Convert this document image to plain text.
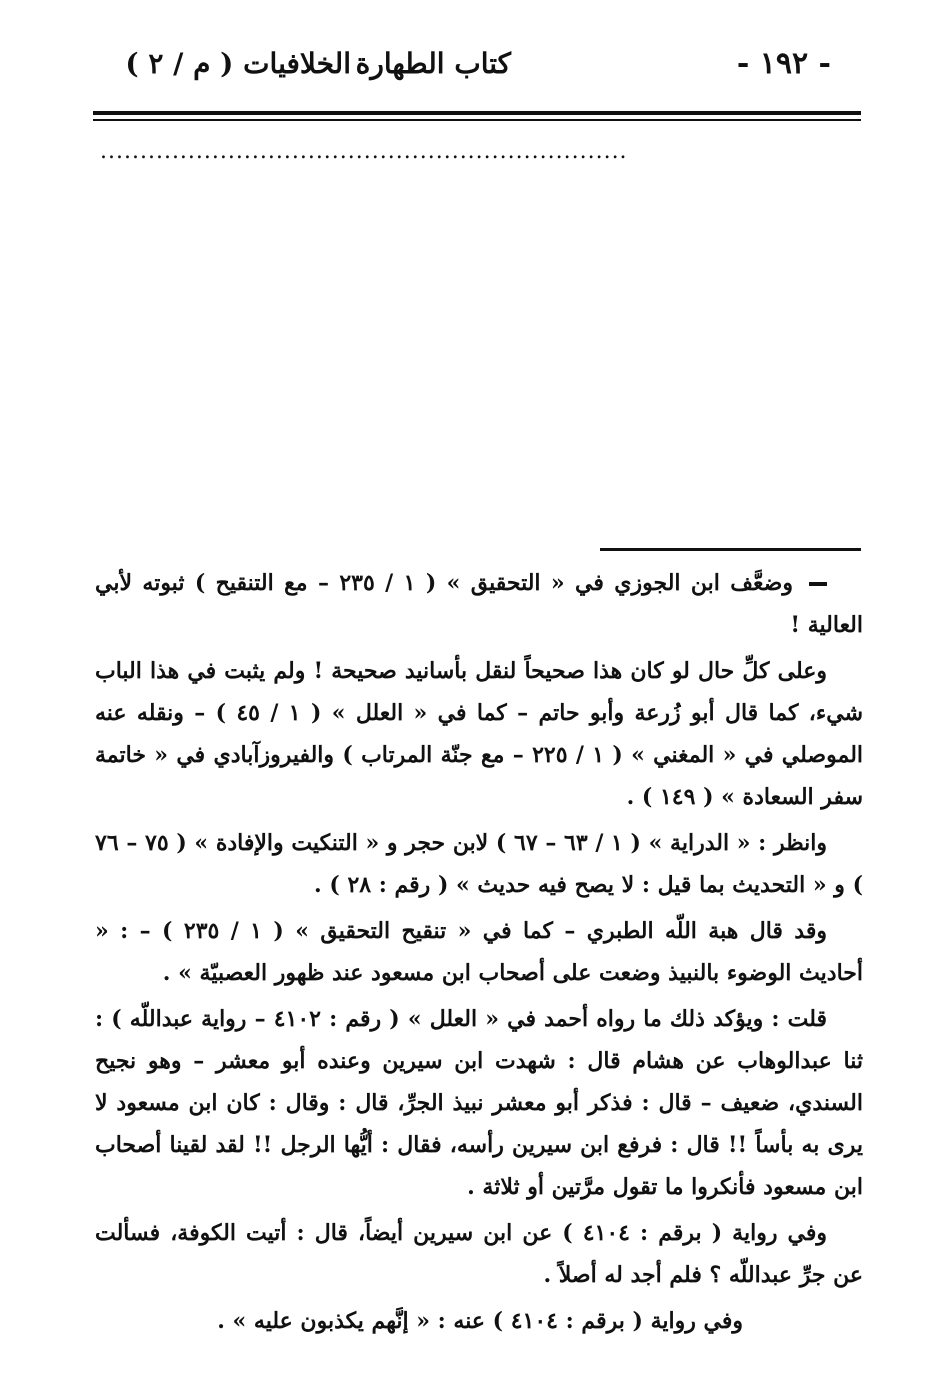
- ١٩٢ -
كتاب الطهارة
الخلافيات ( م / ٢ )
..................................................................

وضعَّف ابن الجوزي في « التحقيق » ( ١ / ٢٣٥ – مع التنقيح ) ثبوته لأبي العالية !

وعلى كلِّ حال لو كان هذا صحيحاً لنقل بأسانيد صحيحة ! ولم يثبت في هذا الباب شيء، كما قال أبو زُرعة وأبو حاتم – كما في « العلل » ( ١ / ٤٥ ) – ونقله عنه الموصلي في « المغني » ( ١ / ٢٢٥ – مع جنّة المرتاب ) والفيروزآبادي في « خاتمة سفر السعادة » ( ١٤٩ ) .

وانظر : « الدراية » ( ١ / ٦٣ – ٦٧ ) لابن حجر و « التنكيت والإفادة » ( ٧٥ – ٧٦ ) و « التحديث بما قيل : لا يصح فيه حديث » ( رقم : ٢٨ ) .

وقد قال هبة اللّه الطبري – كما في « تنقيح التحقيق » ( ١ / ٢٣٥ ) – : « أحاديث الوضوء بالنبيذ وضعت على أصحاب ابن مسعود عند ظهور العصبيّة » .

قلت : ويؤكد ذلك ما رواه أحمد في « العلل » ( رقم : ٤١٠٢ – رواية عبداللّه ) : ثنا عبدالوهاب عن هشام قال : شهدت ابن سيرين وعنده أبو معشر – وهو نجيح السندي، ضعيف – قال : فذكر أبو معشر نبيذ الجرِّ، قال : وقال : كان ابن مسعود لا يرى به بأساً !! قال : فرفع ابن سيرين رأسه، فقال : أيُّها الرجل !! لقد لقينا أصحاب ابن مسعود فأنكروا ما تقول مرَّتين أو ثلاثة .

وفي رواية ( برقم : ٤١٠٤ ) عن ابن سيرين أيضاً، قال : أتيت الكوفة، فسألت عن جرِّ عبداللّه ؟ فلم أجد له أصلاً .

وفي رواية ( برقم : ٤١٠٤ ) عنه : « إنَّهم يكذبون عليه » .
